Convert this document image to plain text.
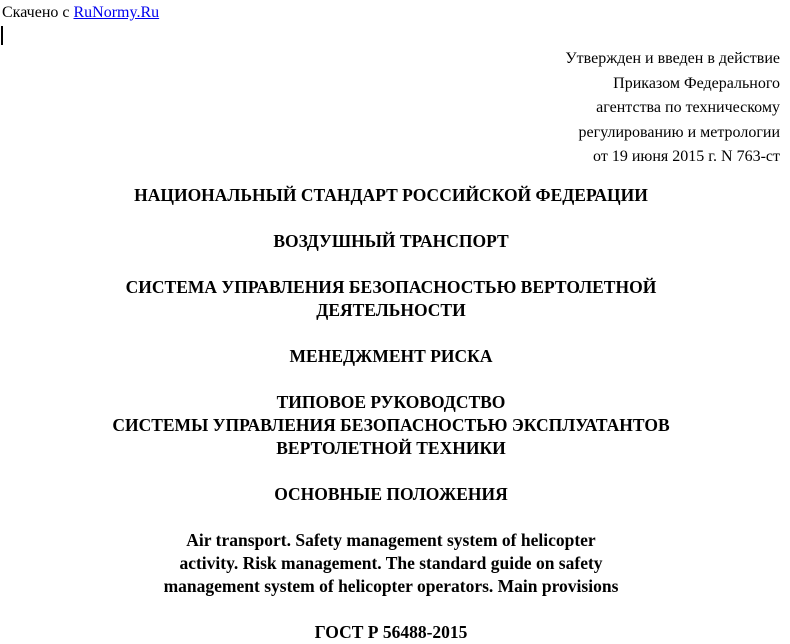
Скачено с RuNormy.Ru
Утвержден и введен в действие
Приказом Федерального
агентства по техническому
регулированию и метрологии
от 19 июня 2015 г. N 763-ст
НАЦИОНАЛЬНЫЙ СТАНДАРТ РОССИЙСКОЙ ФЕДЕРАЦИИ
ВОЗДУШНЫЙ ТРАНСПОРТ
СИСТЕМА УПРАВЛЕНИЯ БЕЗОПАСНОСТЬЮ ВЕРТОЛЕТНОЙ
ДЕЯТЕЛЬНОСТИ
МЕНЕДЖМЕНТ РИСКА
ТИПОВОЕ РУКОВОДСТВО
СИСТЕМЫ УПРАВЛЕНИЯ БЕЗОПАСНОСТЬЮ ЭКСПЛУАТАНТОВ
ВЕРТОЛЕТНОЙ ТЕХНИКИ
ОСНОВНЫЕ ПОЛОЖЕНИЯ
Air transport. Safety management system of helicopter
activity. Risk management. The standard guide on safety
management system of helicopter operators. Main provisions
ГОСТ Р 56488-2015
